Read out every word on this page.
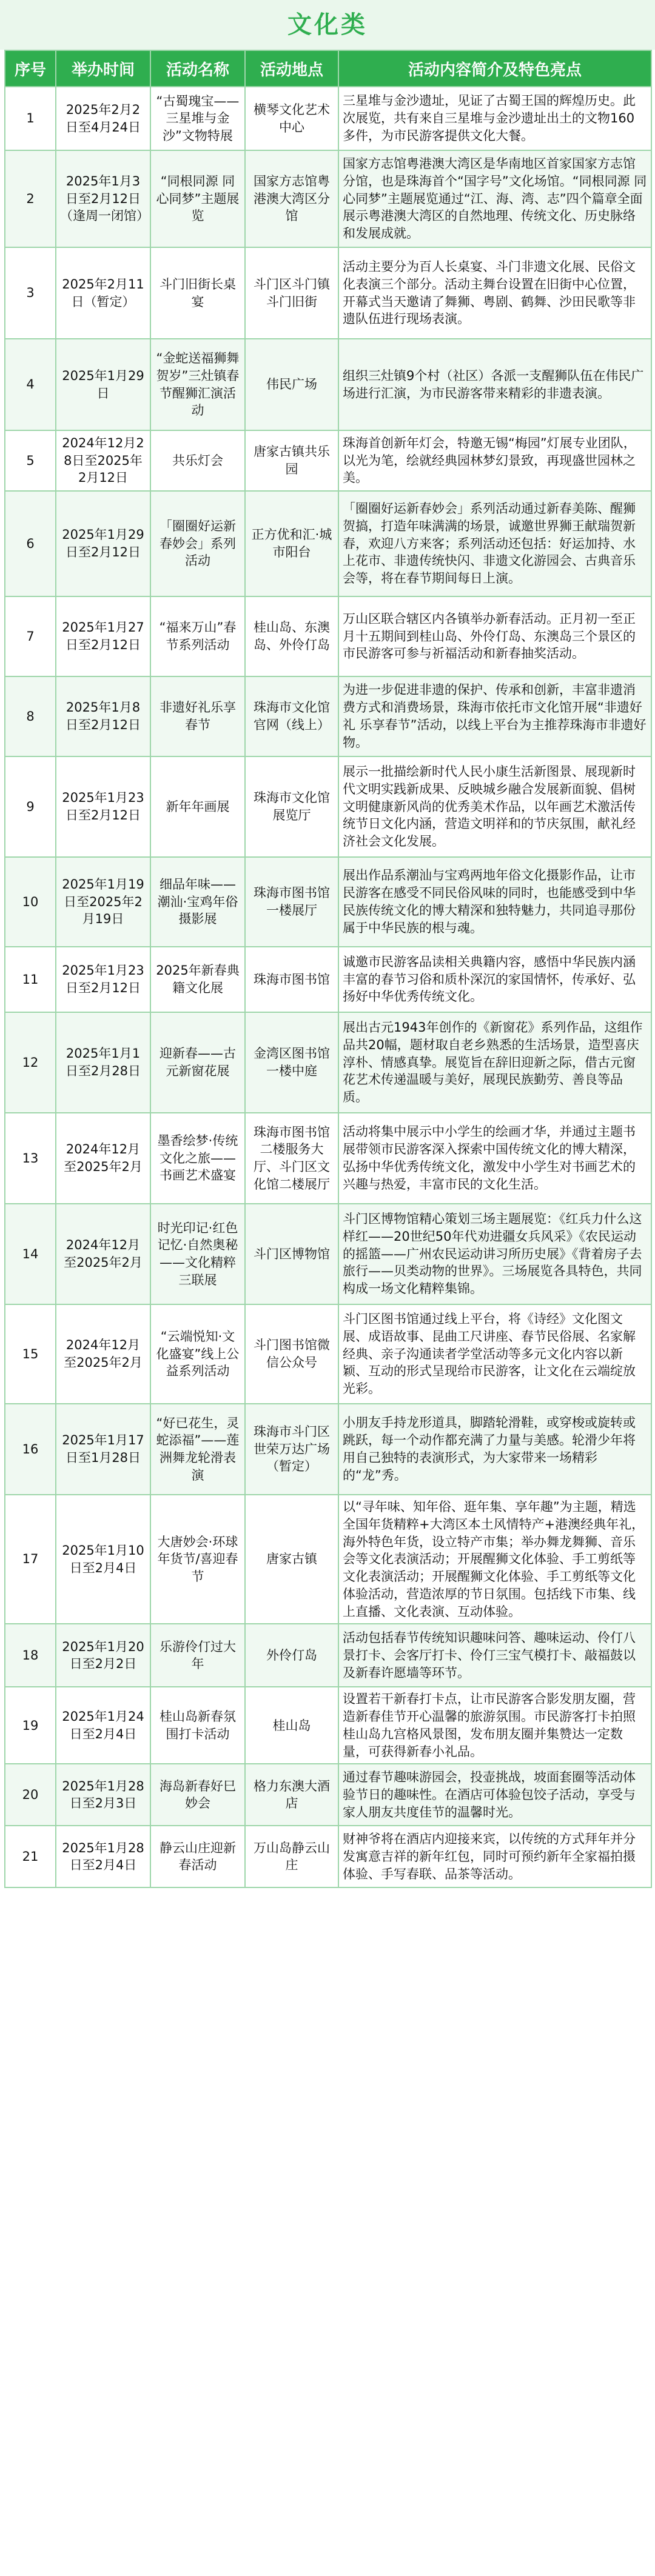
文化类
序号	举办时间	活动名称	活动地点	活动内容简介及特色亮点
1	2025年2月2日至4月24日	“古蜀瑰宝——三星堆与金沙”文物特展	横琴文化艺术中心	三星堆与金沙遗址，见证了古蜀王国的辉煌历史。此次展览，共有来自三星堆与金沙遗址出土的文物160多件，为市民游客提供文化大餐。
2	2025年1月3日至2月12日（逢周一闭馆）	“同根同源 同心同梦”主题展览	国家方志馆粤港澳大湾区分馆	国家方志馆粤港澳大湾区是华南地区首家国家方志馆分馆，也是珠海首个“国字号”文化场馆。“同根同源 同心同梦”主题展览通过“江、海、湾、志”四个篇章全面展示粤港澳大湾区的自然地理、传统文化、历史脉络和发展成就。
3	2025年2月11日（暂定）	斗门旧街长桌宴	斗门区斗门镇斗门旧街	活动主要分为百人长桌宴、斗门非遗文化展、民俗文化表演三个部分。活动主舞台设置在旧街中心位置，开幕式当天邀请了舞狮、粤剧、鹤舞、沙田民歌等非遗队伍进行现场表演。
4	2025年1月29日	“金蛇送福狮舞贺岁”三灶镇春节醒狮汇演活动	伟民广场	组织三灶镇9个村（社区）各派一支醒狮队伍在伟民广场进行汇演，为市民游客带来精彩的非遗表演。
5	2024年12月28日至2025年2月12日	共乐灯会	唐家古镇共乐园	珠海首创新年灯会，特邀无锡“梅园”灯展专业团队，以光为笔，绘就经典园林梦幻景致，再现盛世园林之美。
6	2025年1月29日至2月12日	「圈圈好运新春妙会」系列活动	正方优和汇·城市阳台	「圈圈好运新春妙会」系列活动通过新春美陈、醒狮贺搞，打造年味满满的场景，诚邀世界狮王献瑞贺新春，欢迎八方来客；系列活动还包括：好运加持、水上花市、非遗传统快闪、非遗文化游园会、古典音乐会等，将在春节期间每日上演。
7	2025年1月27日至2月12日	“福来万山”春节系列活动	桂山岛、东澳岛、外伶仃岛	万山区联合辖区内各镇举办新春活动。正月初一至正月十五期间到桂山岛、外伶仃岛、东澳岛三个景区的市民游客可参与祈福活动和新春抽奖活动。
8	2025年1月8日至2月12日	非遗好礼乐享春节	珠海市文化馆官网（线上）	为进一步促进非遗的保护、传承和创新，丰富非遗消费方式和消费场景，珠海市依托市文化馆开展“非遗好礼 乐享春节”活动，以线上平台为主推荐珠海市非遗好物。
9	2025年1月23日至2月12日	新年年画展	珠海市文化馆展览厅	展示一批描绘新时代人民小康生活新图景、展现新时代文明实践新成果、反映城乡融合发展新面貌、倡树文明健康新风尚的优秀美术作品，以年画艺术激活传统节日文化内涵，营造文明祥和的节庆氛围，献礼经济社会文化发展。
10	2025年1月19日至2025年2月19日	细品年味——潮汕·宝鸡年俗摄影展	珠海市图书馆一楼展厅	展出作品系潮汕与宝鸡两地年俗文化摄影作品，让市民游客在感受不同民俗风味的同时，也能感受到中华民族传统文化的博大精深和独特魅力，共同追寻那份属于中华民族的根与魂。
11	2025年1月23日至2月12日	2025年新春典籍文化展	珠海市图书馆	诚邀市民游客品读相关典籍内容，感悟中华民族内涵丰富的春节习俗和质朴深沉的家国情怀，传承好、弘扬好中华优秀传统文化。
12	2025年1月1日至2月28日	迎新春——古元新窗花展	金湾区图书馆一楼中庭	展出古元1943年创作的《新窗花》系列作品，这组作品共20幅，题材取自老乡熟悉的生活场景，造型喜庆淳朴、情感真挚。展览旨在辞旧迎新之际，借古元窗花艺术传递温暖与美好，展现民族勤劳、善良等品质。
13	2024年12月至2025年2月	墨香绘梦·传统文化之旅——书画艺术盛宴	珠海市图书馆二楼服务大厅、斗门区文化馆二楼展厅	活动将集中展示中小学生的绘画才华，并通过主题书展带领市民游客深入探索中国传统文化的博大精深，弘扬中华优秀传统文化，激发中小学生对书画艺术的兴趣与热爱，丰富市民的文化生活。
14	2024年12月至2025年2月	时光印记·红色记忆·自然奥秘——文化精粹三联展	斗门区博物馆	斗门区博物馆精心策划三场主题展览：《红兵力什么这样红——20世纪50年代劝进疆女兵风采》《农民运动的摇篮——广州农民运动讲习所历史展》《背着房子去旅行——贝类动物的世界》。三场展览各具特色，共同构成一场文化精粹集锦。
15	2024年12月至2025年2月	“云端悦知·文化盛宴”线上公益系列活动	斗门图书馆微信公众号	斗门区图书馆通过线上平台，将《诗经》文化图文展、成语故事、昆曲工尺讲座、春节民俗展、名家解经典、亲子沟通读者学堂活动等多元文化内容以新颖、互动的形式呈现给市民游客，让文化在云端绽放光彩。
16	2025年1月17日至1月28日	“好已花生，灵蛇添福”——莲洲舞龙轮滑表演	珠海市斗门区世荣万达广场（暂定）	小朋友手持龙形道具，脚踏轮滑鞋，或穿梭或旋转或跳跃，每一个动作都充满了力量与美感。轮滑少年将用自己独特的表演形式，为大家带来一场精彩的“龙”秀。
17	2025年1月10日至2月4日	大唐妙会·环球年货节/喜迎春节	唐家古镇	以“寻年味、知年俗、逛年集、享年趣”为主题，精选全国年货精粹+大湾区本土风情特产+港澳经典年礼，海外特色年货，设立特产市集；举办舞龙舞狮、音乐会等文化表演活动；开展醒狮文化体验、手工剪纸等文化表演活动；开展醒狮文化体验、手工剪纸等文化体验活动，营造浓厚的节日氛围。包括线下市集、线上直播、文化表演、互动体验。
18	2025年1月20日至2月2日	乐游伶仃过大年	外伶仃岛	活动包括春节传统知识趣味问答、趣味运动、伶仃八景打卡、会客厅打卡、伶仃三宝气模打卡、敲福鼓以及新春许愿墙等环节。
19	2025年1月24日至2月4日	桂山岛新春氛围打卡活动	桂山岛	设置若干新春打卡点，让市民游客合影发朋友圈，营造新春佳节开心温馨的旅游氛围。市民游客打卡拍照桂山岛九宫格风景图，发布朋友圈并集赞达一定数量，可获得新春小礼品。
20	2025年1月28日至2月3日	海岛新春好巳妙会	格力东澳大酒店	通过春节趣味游园会，投壶挑战，坡面套圈等活动体验节日的趣味性。在酒店可体验包饺子活动，享受与家人朋友共度佳节的温馨时光。
21	2025年1月28日至2月4日	静云山庄迎新春活动	万山岛静云山庄	财神爷将在酒店内迎接来宾，以传统的方式拜年并分发寓意吉祥的新年红包，同时可预约新年全家福拍摄体验、手写春联、品茶等活动。
